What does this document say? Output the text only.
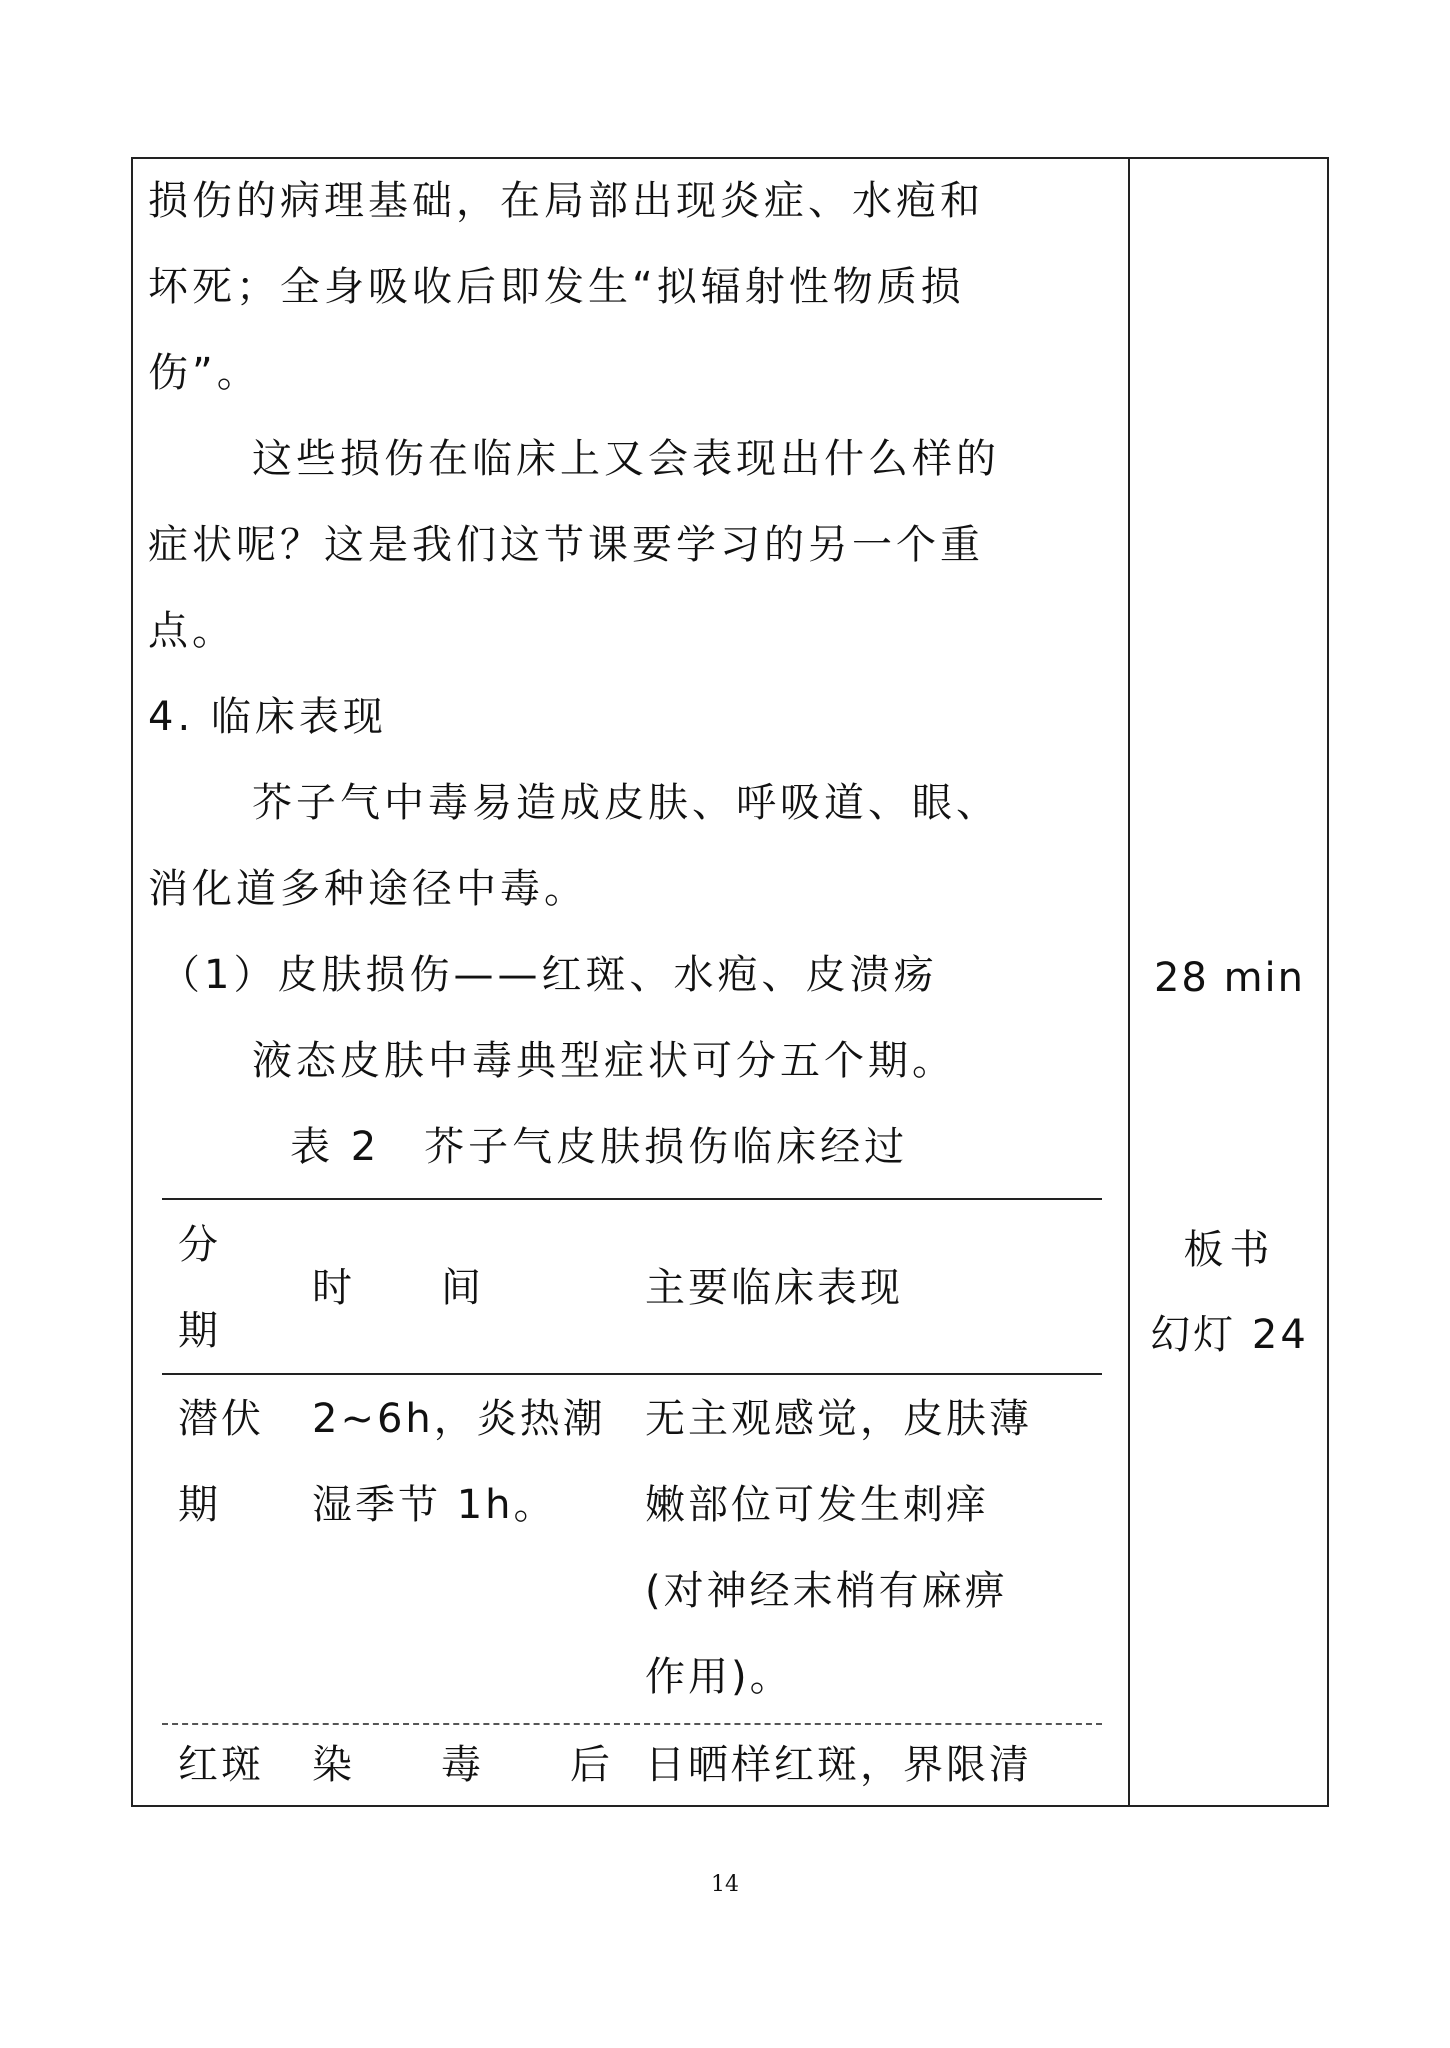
损伤的病理基础，在局部出现炎症、水疱和
坏死；全身吸收后即发生“拟辐射性物质损
伤”。
这些损伤在临床上又会表现出什么样的
症状呢？这是我们这节课要学习的另一个重
点。
4. 临床表现
芥子气中毒易造成皮肤、呼吸道、眼、
消化道多种途径中毒。
（1）皮肤损伤——红斑、水疱、皮溃疡
液态皮肤中毒典型症状可分五个期。
表 2　芥子气皮肤损伤临床经过
28 min
板书
幻灯 24
分
期
时　　间	主要临床表现
潜伏
期
2~6h，炎热潮
湿季节 1h。
无主观感觉，皮肤薄
嫩部位可发生刺痒
(对神经末梢有麻痹
作用)。
红斑 染　　毒　　后 日晒样红斑，界限清
14
